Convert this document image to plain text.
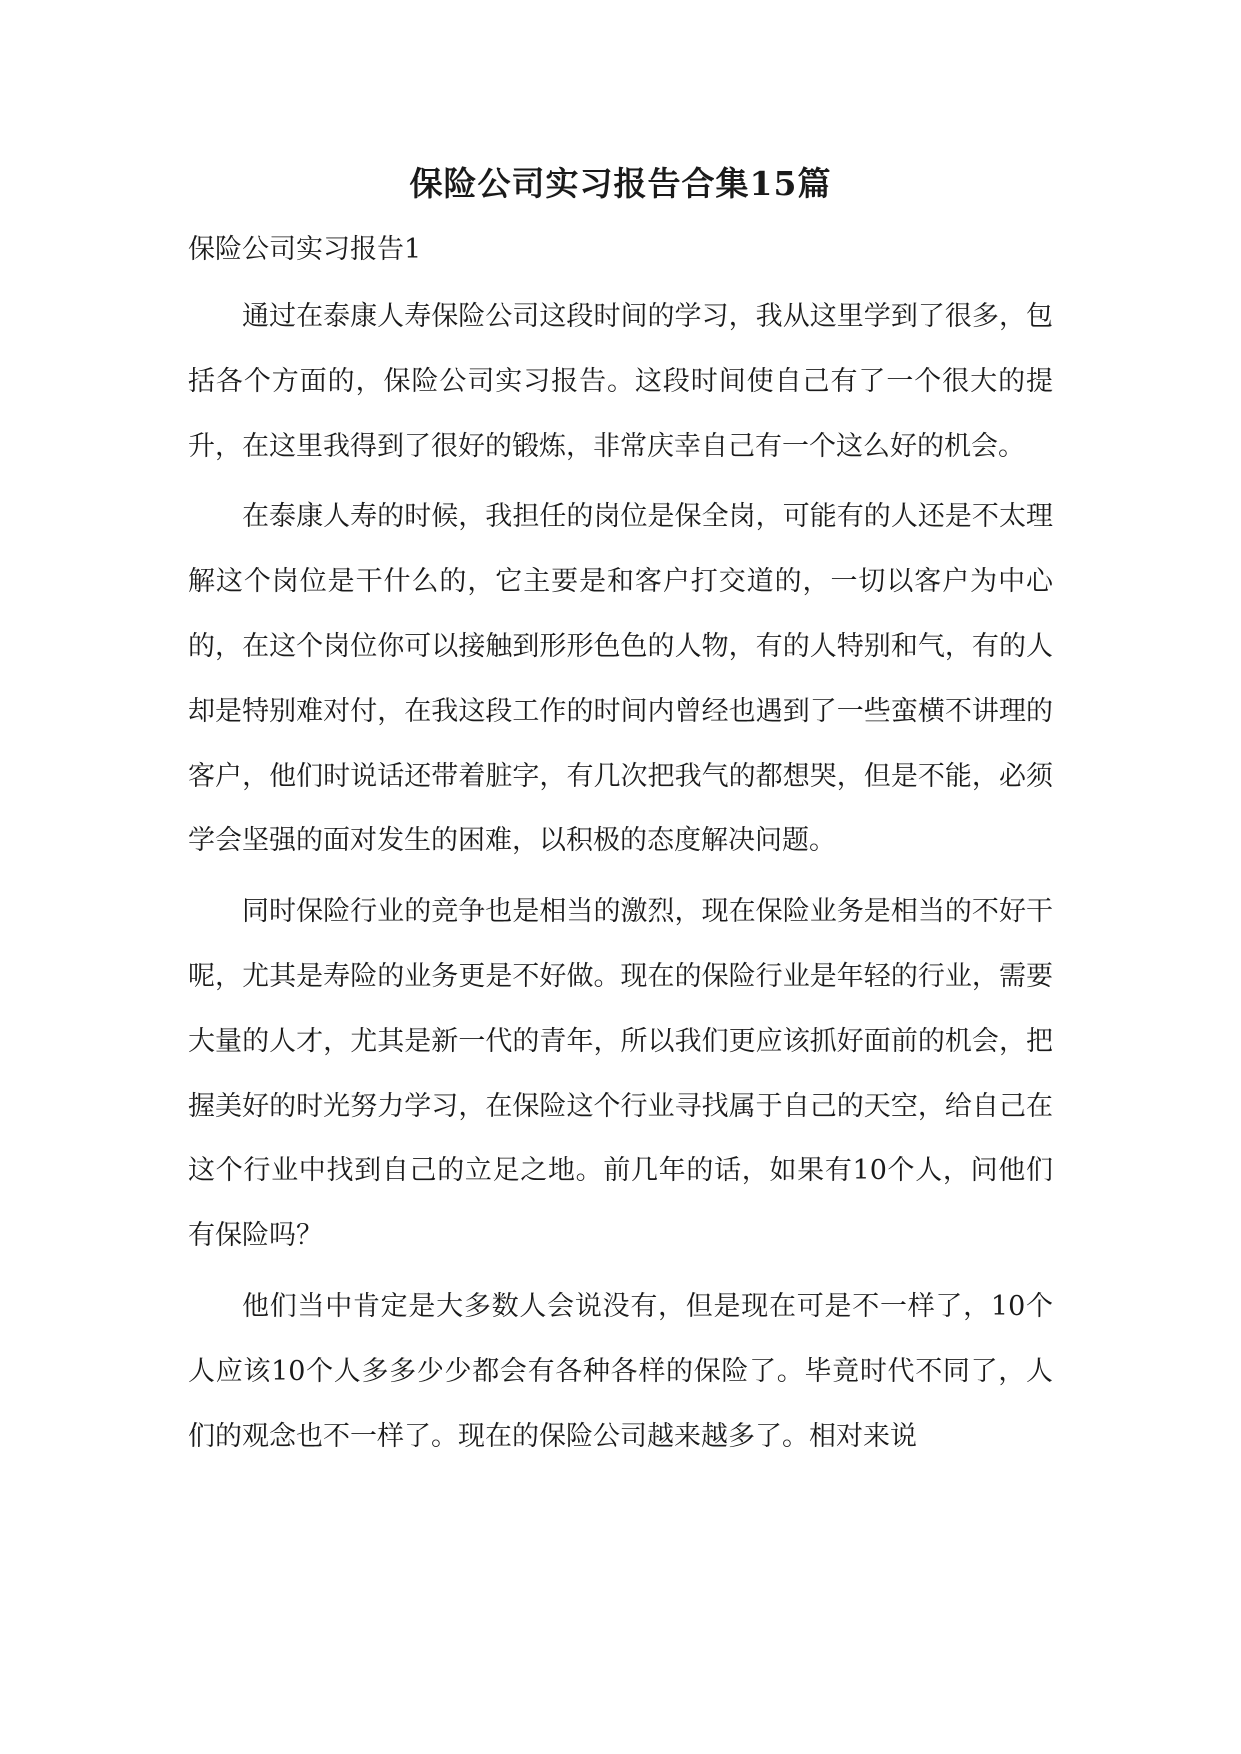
保险公司实习报告合集15篇

保险公司实习报告1

通过在泰康人寿保险公司这段时间的学习，我从这里学到了很多，包括各个方面的，保险公司实习报告。这段时间使自己有了一个很大的提升，在这里我得到了很好的锻炼，非常庆幸自己有一个这么好的机会。

在泰康人寿的时候，我担任的岗位是保全岗，可能有的人还是不太理解这个岗位是干什么的，它主要是和客户打交道的，一切以客户为中心的，在这个岗位你可以接触到形形色色的人物，有的人特别和气，有的人却是特别难对付，在我这段工作的时间内曾经也遇到了一些蛮横不讲理的客户，他们时说话还带着脏字，有几次把我气的都想哭，但是不能，必须学会坚强的面对发生的困难，以积极的态度解决问题。

同时保险行业的竞争也是相当的激烈，现在保险业务是相当的不好干呢，尤其是寿险的业务更是不好做。现在的保险行业是年轻的行业，需要大量的人才，尤其是新一代的青年，所以我们更应该抓好面前的机会，把握美好的时光努力学习，在保险这个行业寻找属于自己的天空，给自己在这个行业中找到自己的立足之地。前几年的话，如果有10个人，问他们有保险吗？

他们当中肯定是大多数人会说没有，但是现在可是不一样了，10个人应该10个人多多少少都会有各种各样的保险了。毕竟时代不同了，人们的观念也不一样了。现在的保险公司越来越多了。相对来说
